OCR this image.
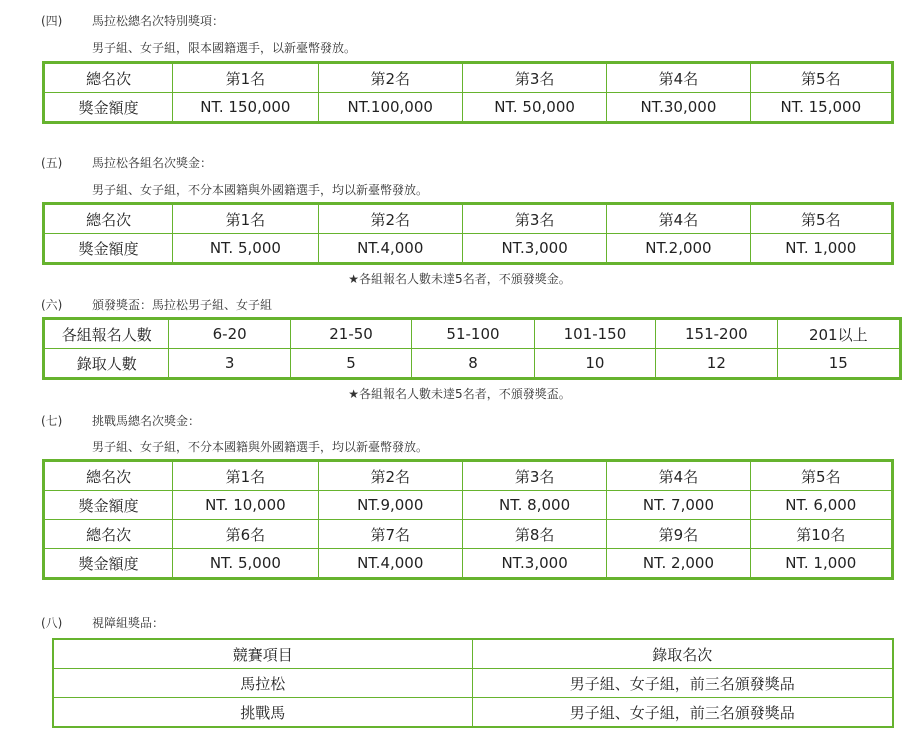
(四) 馬拉松總名次特別獎項：
男子組、女子組，限本國籍選手，以新臺幣發放。
總名次	第1名	第2名	第3名	第4名	第5名
獎金額度	NT. 150,000	NT.100,000	NT. 50,000	NT.30,000	NT. 15,000
(五) 馬拉松各組名次獎金：
男子組、女子組，不分本國籍與外國籍選手，均以新臺幣發放。
總名次	第1名	第2名	第3名	第4名	第5名
獎金額度	NT. 5,000	NT.4,000	NT.3,000	NT.2,000	NT. 1,000
★各組報名人數未達5名者，不頒發獎金。
(六) 頒發獎盃：馬拉松男子組、女子組
各組報名人數	6-20	21-50	51-100	101-150	151-200	201以上
錄取人數	3	5	8	10	12	15
★各組報名人數未達5名者，不頒發獎盃。
(七) 挑戰馬總名次獎金：
男子組、女子組，不分本國籍與外國籍選手，均以新臺幣發放。
總名次	第1名	第2名	第3名	第4名	第5名
獎金額度	NT. 10,000	NT.9,000	NT. 8,000	NT. 7,000	NT. 6,000
總名次	第6名	第7名	第8名	第9名	第10名
獎金額度	NT. 5,000	NT.4,000	NT.3,000	NT. 2,000	NT. 1,000
(八) 視障組獎品：
競賽項目	錄取名次
馬拉松	男子組、女子組，前三名頒發獎品
挑戰馬	男子組、女子組，前三名頒發獎品
